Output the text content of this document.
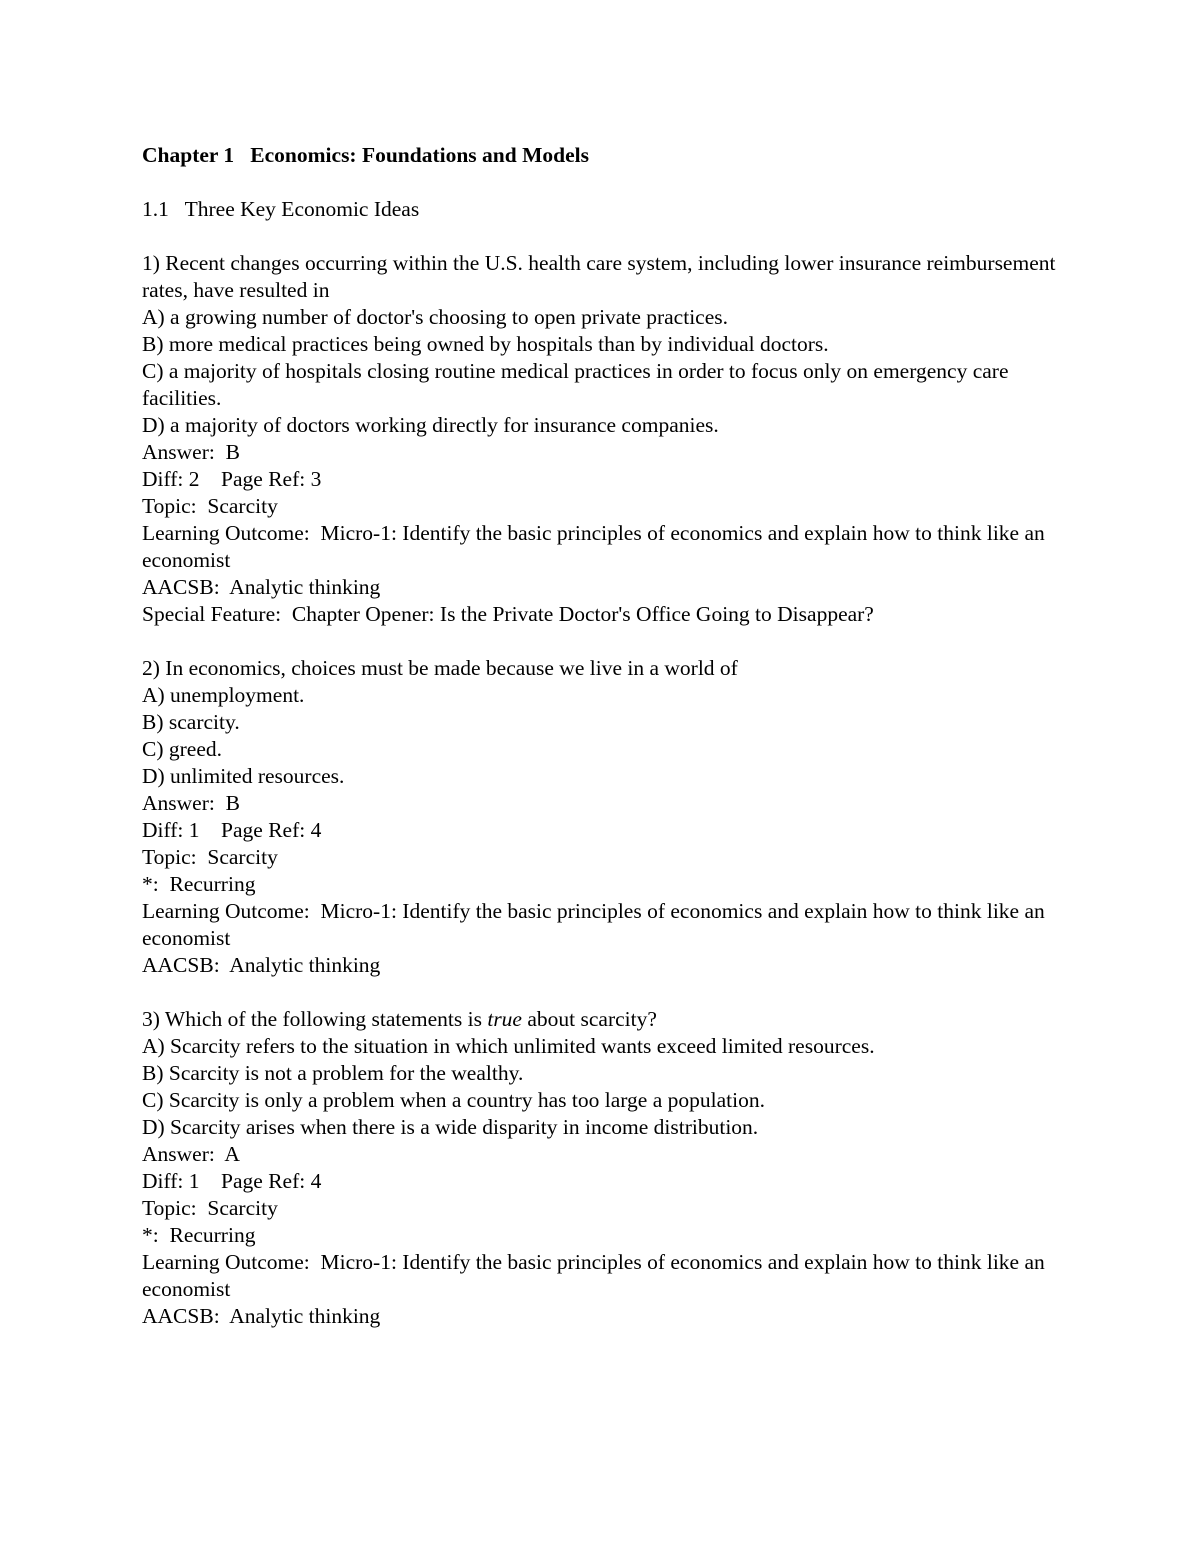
Chapter 1   Economics: Foundations and Models
1.1   Three Key Economic Ideas
1) Recent changes occurring within the U.S. health care system, including lower insurance reimbursement rates, have resulted in
A) a growing number of doctor's choosing to open private practices.
B) more medical practices being owned by hospitals than by individual doctors.
C) a majority of hospitals closing routine medical practices in order to focus only on emergency care facilities.
D) a majority of doctors working directly for insurance companies.
Answer:  B
Diff: 2    Page Ref: 3
Topic:  Scarcity
Learning Outcome:  Micro-1: Identify the basic principles of economics and explain how to think like an economist
AACSB:  Analytic thinking
Special Feature:  Chapter Opener: Is the Private Doctor's Office Going to Disappear?
2) In economics, choices must be made because we live in a world of
A) unemployment.
B) scarcity.
C) greed.
D) unlimited resources.
Answer:  B
Diff: 1    Page Ref: 4
Topic:  Scarcity
*:  Recurring
Learning Outcome:  Micro-1: Identify the basic principles of economics and explain how to think like an economist
AACSB:  Analytic thinking
3) Which of the following statements is true about scarcity?
A) Scarcity refers to the situation in which unlimited wants exceed limited resources.
B) Scarcity is not a problem for the wealthy.
C) Scarcity is only a problem when a country has too large a population.
D) Scarcity arises when there is a wide disparity in income distribution.
Answer:  A
Diff: 1    Page Ref: 4
Topic:  Scarcity
*:  Recurring
Learning Outcome:  Micro-1: Identify the basic principles of economics and explain how to think like an economist
AACSB:  Analytic thinking
